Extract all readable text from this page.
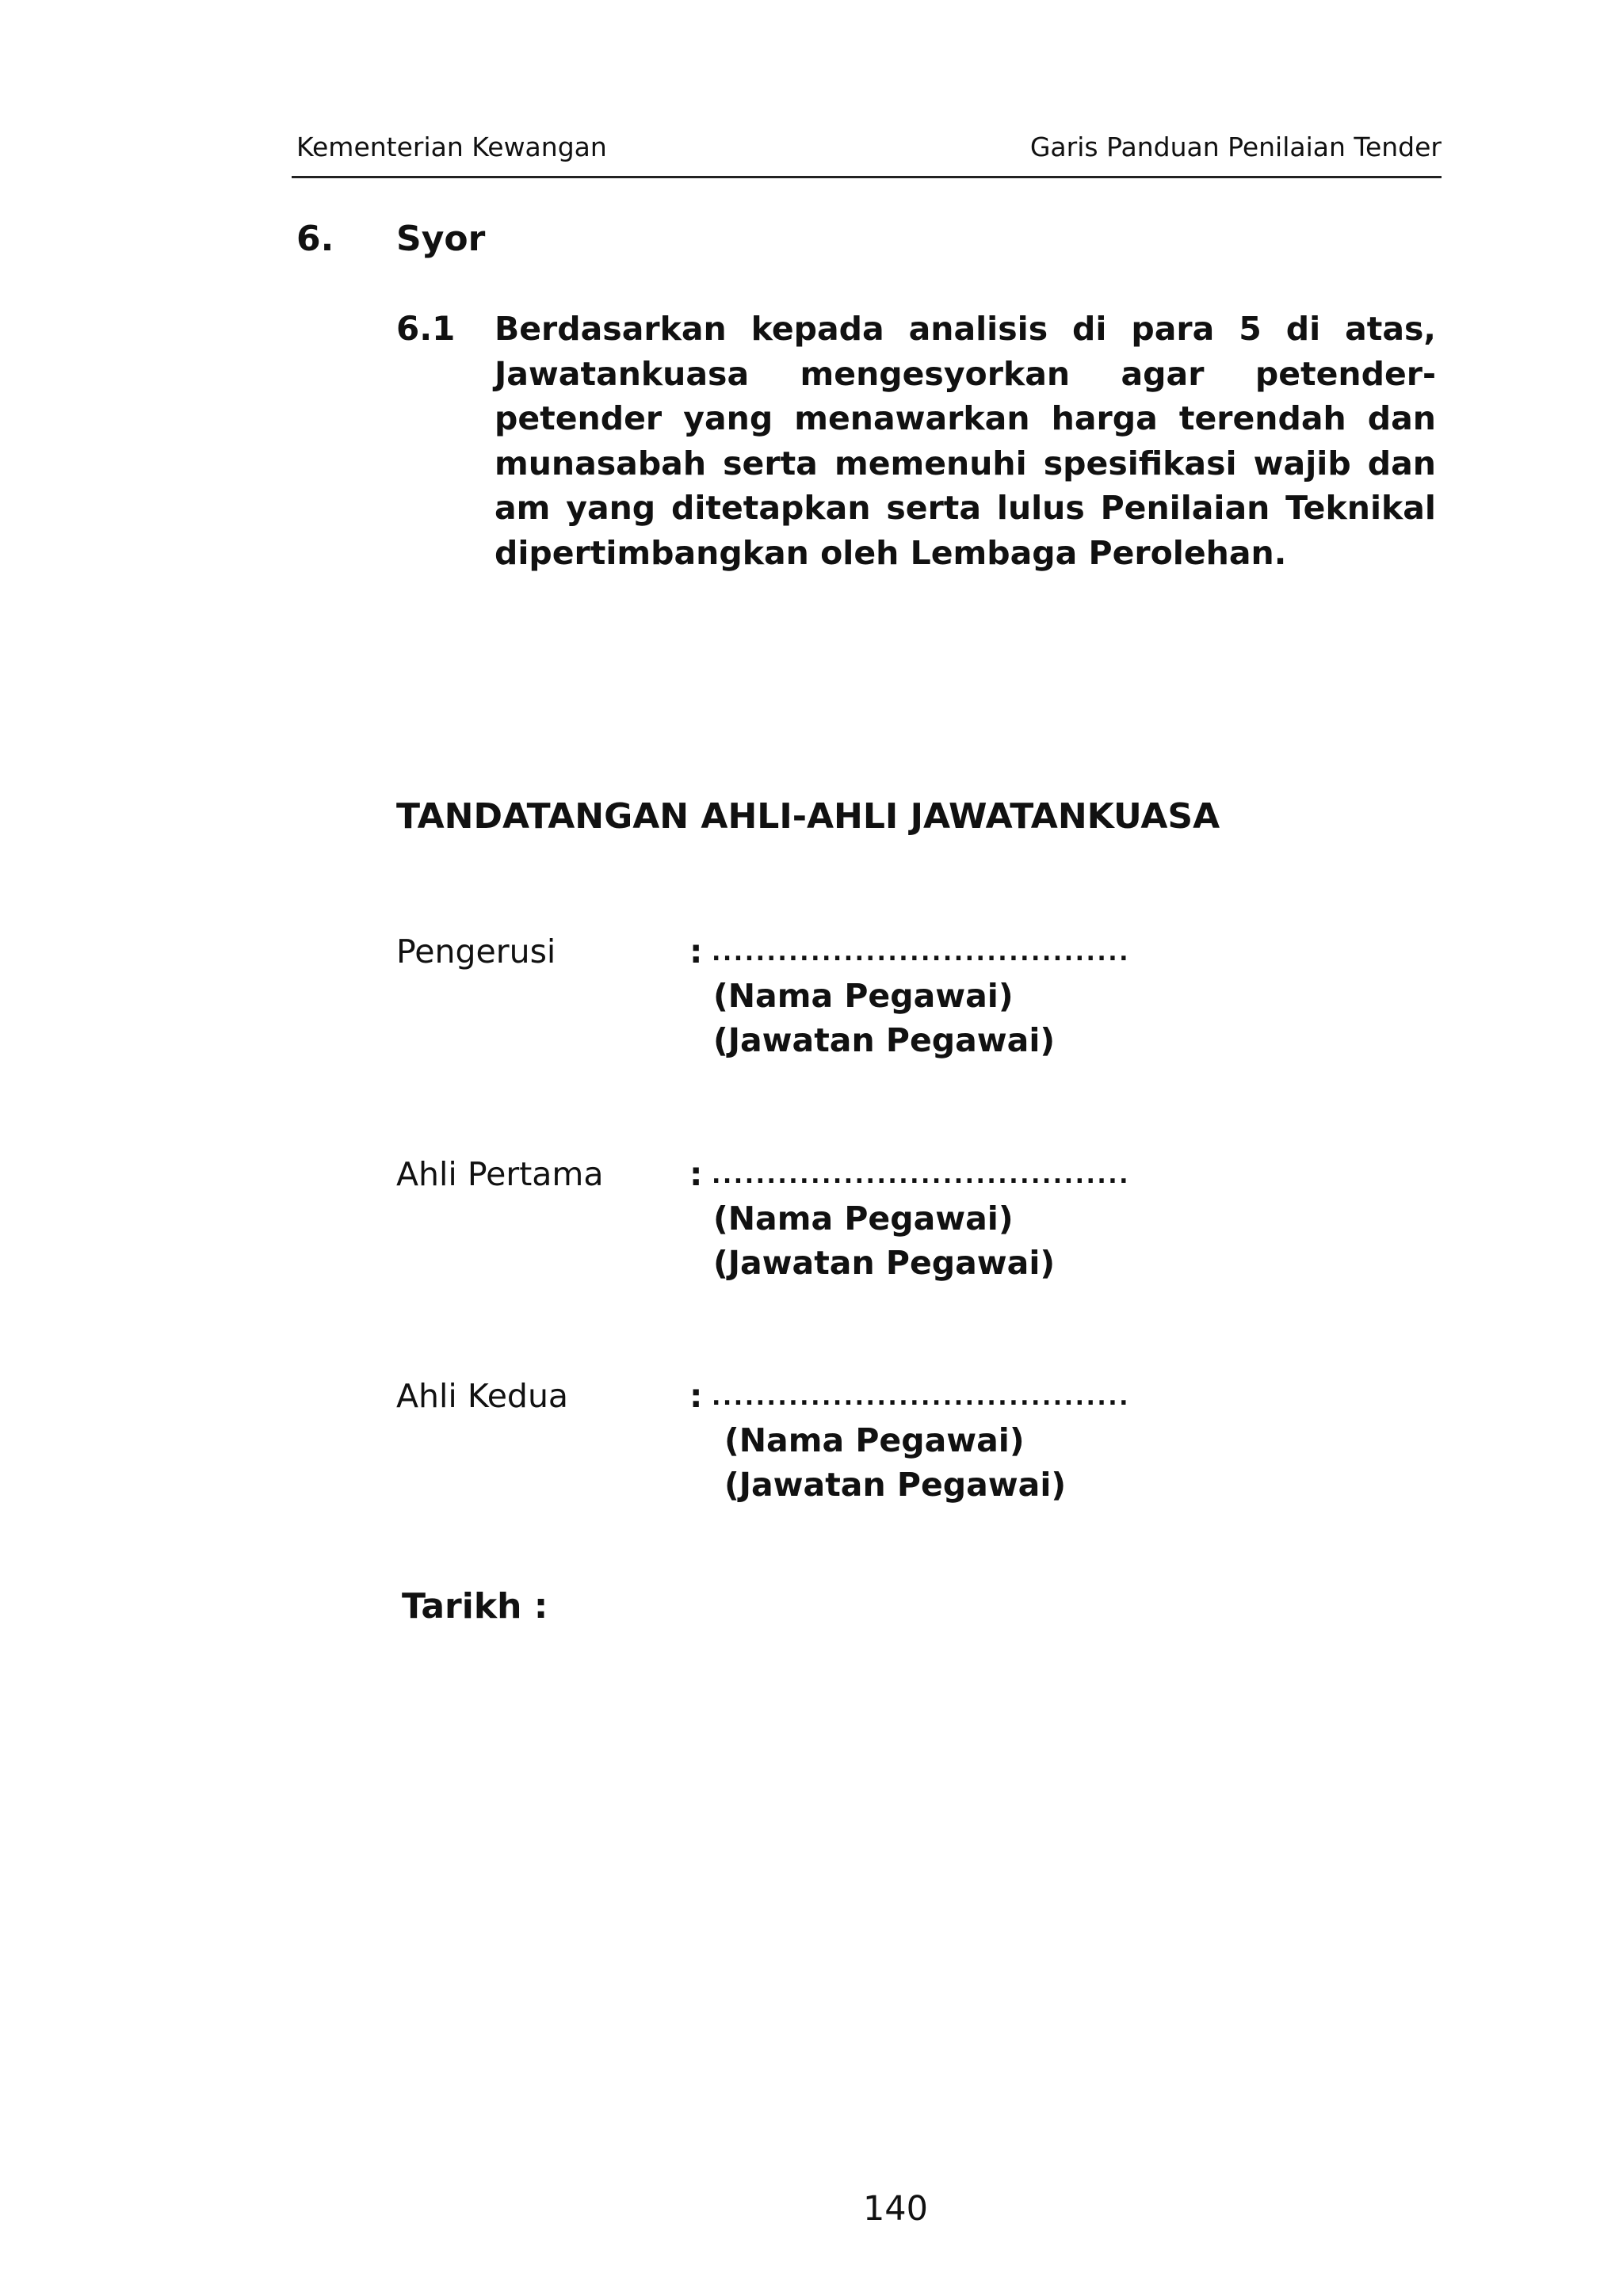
Kementerian Kewangan	Garis Panduan Penilaian Tender
6. Syor
6.1 Berdasarkan kepada analisis di para 5 di atas, Jawatankuasa mengesyorkan agar petender-petender yang menawarkan harga terendah dan munasabah serta memenuhi spesifikasi wajib dan am yang ditetapkan serta lulus Penilaian Teknikal dipertimbangkan oleh Lembaga Perolehan.
TANDATANGAN AHLI-AHLI JAWATANKUASA
Pengerusi	: ......................................
(Nama Pegawai)
(Jawatan Pegawai)
Ahli Pertama	: ......................................
(Nama Pegawai)
(Jawatan Pegawai)
Ahli Kedua	: ......................................
(Nama Pegawai)
(Jawatan Pegawai)
Tarikh :
140
